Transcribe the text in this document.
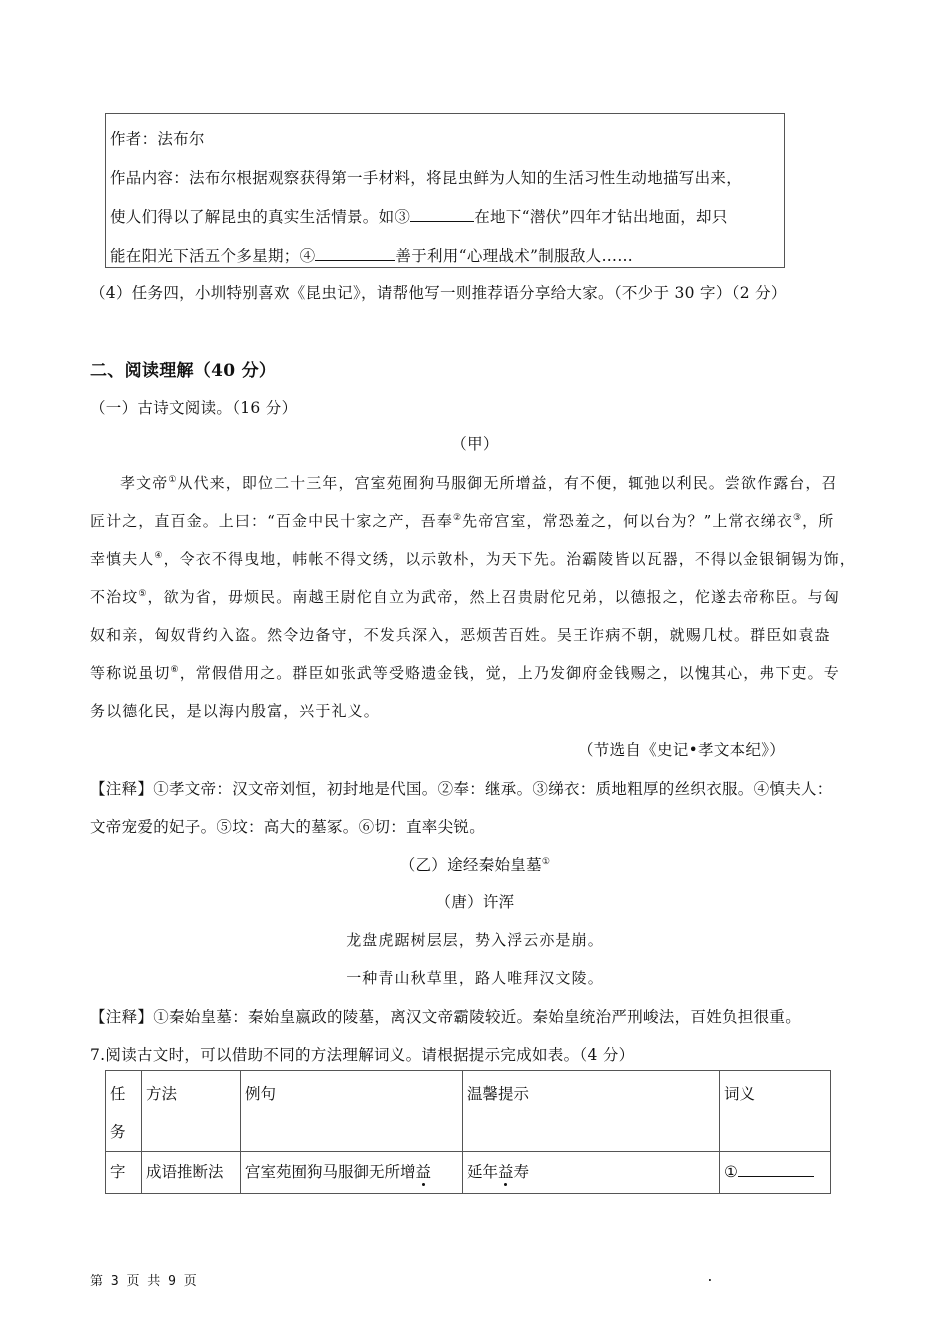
作者：法布尔

作品内容：法布尔根据观察获得第一手材料，将昆虫鲜为人知的生活习性生动地描写出来，

使人们得以了解昆虫的真实生活情景。如③	在地下“潜伏”四年才钻出地面，却只

能在阳光下活五个多星期；④	善于利用“心理战术”制服敌人……

（4）任务四，小圳特别喜欢《昆虫记》，请帮他写一则推荐语分享给大家。（不少于 30 字）（2 分）
二、阅读理解（40 分）
（一）古诗文阅读。（16 分）
（甲）
孝文帝①从代来，即位二十三年，宫室苑囿狗马服御无所增益，有不便，辄弛以利民。尝欲作露台，召
匠计之，直百金。上曰：“百金中民十家之产，吾奉②先帝宫室，常恐羞之，何以台为？”上常衣绨衣③，所
幸慎夫人④，令衣不得曳地，帏帐不得文绣，以示敦朴，为天下先。治霸陵皆以瓦器，不得以金银铜锡为饰，
不治坟⑤，欲为省，毋烦民。南越王尉佗自立为武帝，然上召贵尉佗兄弟，以德报之，佗遂去帝称臣。与匈
奴和亲，匈奴背约入盗。然令边备守，不发兵深入，恶烦苦百姓。吴王诈病不朝，就赐几杖。群臣如袁盎
等称说虽切⑥，常假借用之。群臣如张武等受赂遗金钱，觉，上乃发御府金钱赐之，以愧其心，弗下吏。专
务以德化民，是以海内殷富，兴于礼义。
（节选自《史记•孝文本纪》）
【注释】①孝文帝：汉文帝刘恒，初封地是代国。②奉：继承。③绨衣：质地粗厚的丝织衣服。④慎夫人：
文帝宠爱的妃子。⑤坟：高大的墓冢。⑥切：直率尖锐。
（乙）途经秦始皇墓①
（唐）许浑
龙盘虎踞树层层，势入浮云亦是崩。
一种青山秋草里，路人唯拜汉文陵。
【注释】①秦始皇墓：秦始皇嬴政的陵墓，离汉文帝霸陵较近。秦始皇统治严刑峻法，百姓负担很重。
7.阅读古文时，可以借助不同的方法理解词义。请根据提示完成如表。（4 分）
任
务	方法	例句	温馨提示	词义
字	成语推断法	宫室苑囿狗马服御无所增益	延年益寿	①
第 3 页 共 9 页	.
